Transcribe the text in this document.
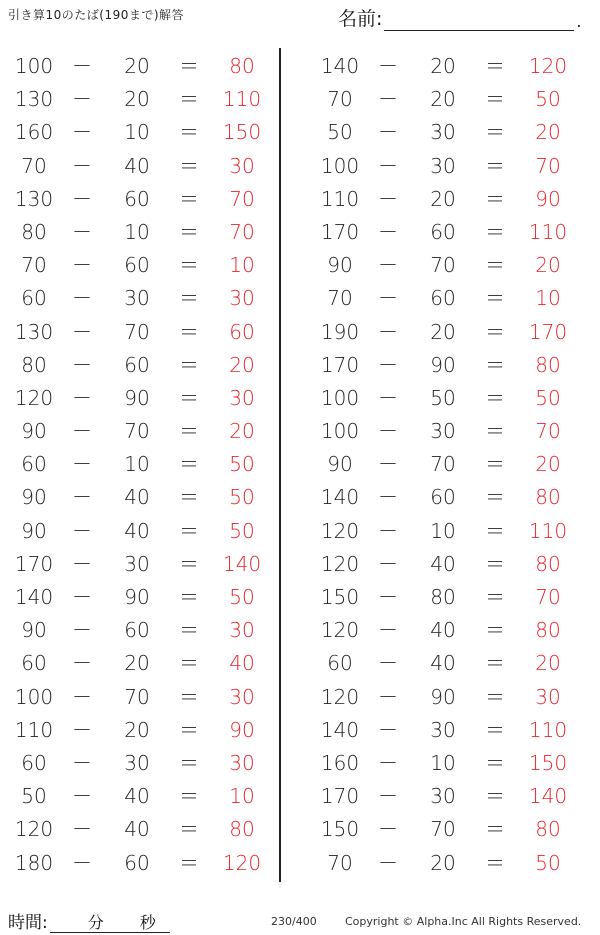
引き算10のたば(190まで)解答	名前:	.
100 －	20	＝	80
130 －	20	＝	110
160 －	10	＝	150
70	－	40	＝	30
130 －	60	＝	70
80	－	10	＝	70
70	－	60	＝	10
60	－	30	＝	30
130 －	70	＝	60
80	－	60	＝	20
120 －	90	＝	30
90	－	70	＝	20
60	－	10	＝	50
90	－	40	＝	50
90	－	40	＝	50
170 －	30	＝	140
140 －	90	＝	50
90	－	60	＝	30
60	－	20	＝	40
100 －	70	＝	30
110 －	20	＝	90
60	－	30	＝	30
50	－	40	＝	10
120 －	40	＝	80
180 －	60	＝	120
140 －	20	＝	120
70	－	20	＝	50
50	－	30	＝	20
100 －	30	＝	70
110 －	20	＝	90
170 －	60	＝	110
90	－	70	＝	20
70	－	60	＝	10
190 －	20	＝	170
170 －	90	＝	80
100 －	50	＝	50
100 －	30	＝	70
90	－	70	＝	20
140 －	60	＝	80
120 －	10	＝	110
120 －	40	＝	80
150 －	80	＝	70
120 －	40	＝	80
60	－	40	＝	20
120 －	90	＝	30
140 －	30	＝	110
160 －	10	＝	150
170 －	30	＝	140
150 －	70	＝	80
70	－	20	＝	50
時間:	分 秒	230/400	Copyright © Alpha.Inc All Rights Reserved.
